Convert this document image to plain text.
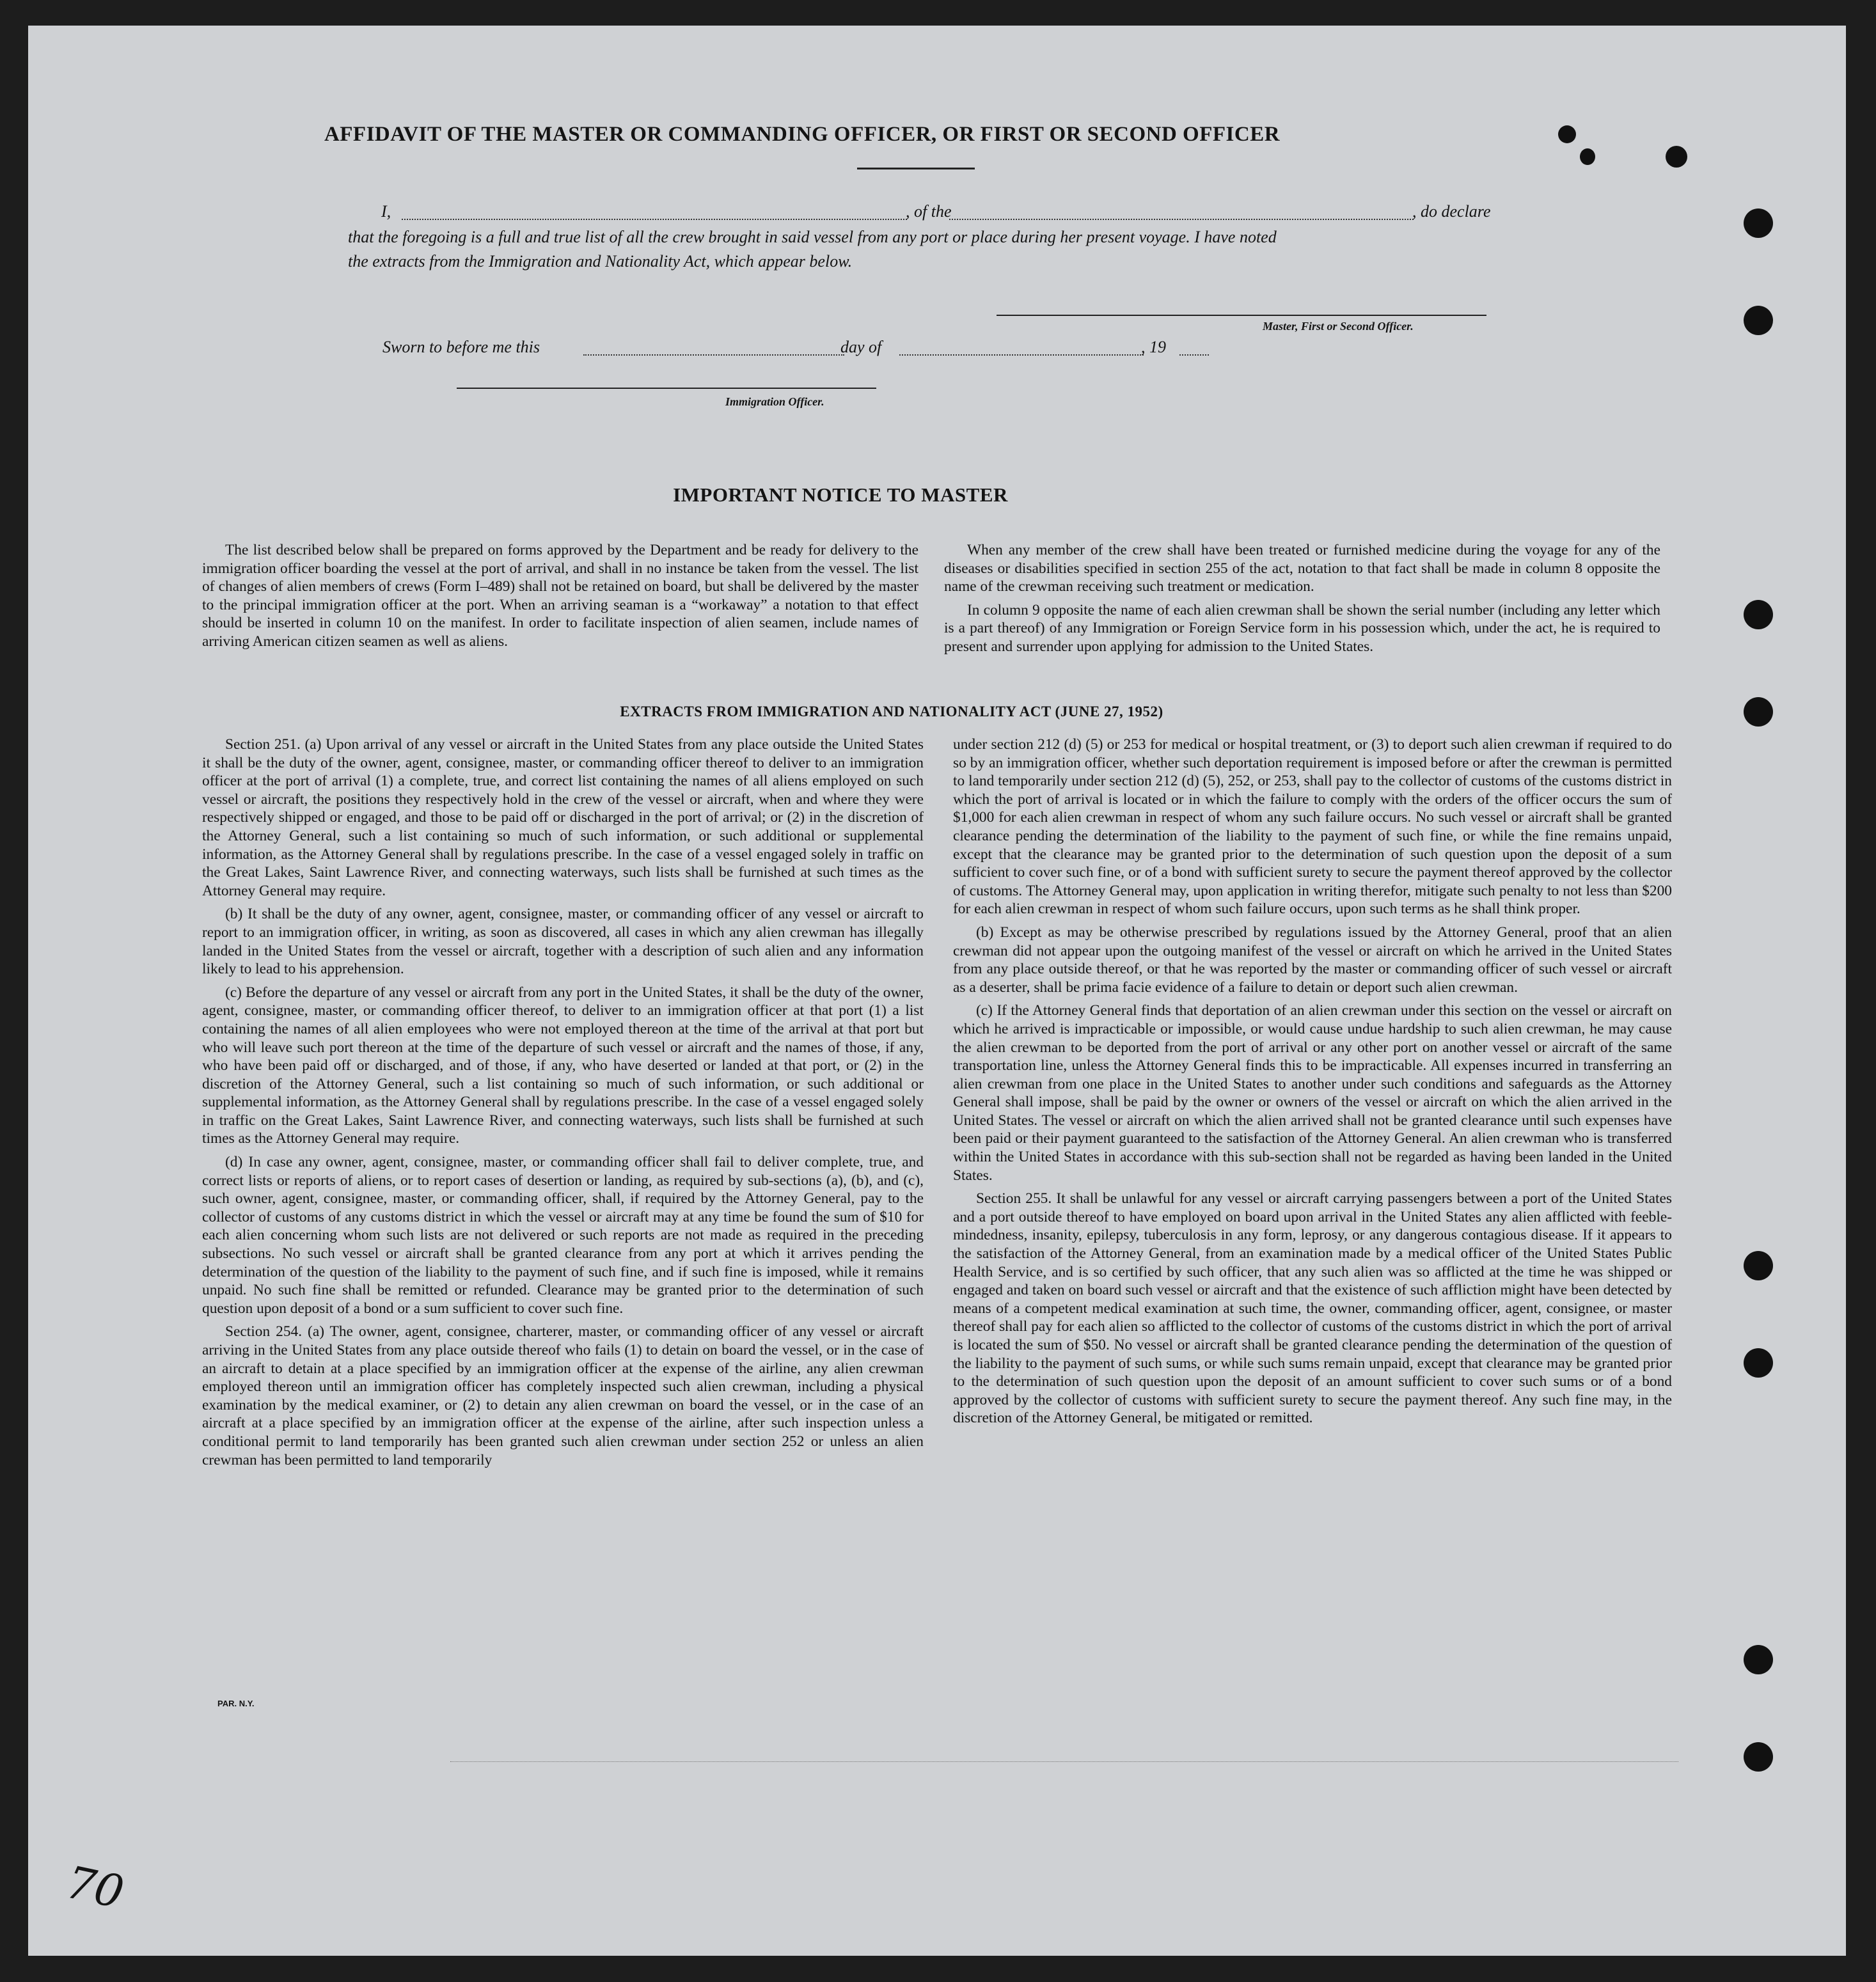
AFFIDAVIT OF THE MASTER OR COMMANDING OFFICER, OR FIRST OR SECOND OFFICER
I,	, of the	, do declare
that the foregoing is a full and true list of all the crew brought in said vessel from any port or place during her present voyage. I have noted
the extracts from the Immigration and Nationality Act, which appear below.
Master, First or Second Officer.
Sworn to before me this	day of	, 19
Immigration Officer.
IMPORTANT NOTICE TO MASTER

The list described below shall be prepared on forms approved by the Department and be ready for delivery to the immigration officer boarding the vessel at the port of arrival, and shall in no instance be taken from the vessel. The list of changes of alien members of crews (Form I–489) shall not be retained on board, but shall be delivered by the master to the principal immigration officer at the port. When an arriving seaman is a “workaway” a notation to that effect should be inserted in column 10 on the manifest. In order to facilitate inspection of alien seamen, include names of arriving American citizen seamen as well as aliens.

When any member of the crew shall have been treated or furnished medicine during the voyage for any of the diseases or disabilities specified in section 255 of the act, notation to that fact shall be made in column 8 opposite the name of the crewman receiving such treatment or medication.

In column 9 opposite the name of each alien crewman shall be shown the serial number (including any letter which is a part thereof) of any Immigration or Foreign Service form in his possession which, under the act, he is required to present and surrender upon applying for admission to the United States.

EXTRACTS FROM IMMIGRATION AND NATIONALITY ACT (JUNE 27, 1952)

Section 251. (a) Upon arrival of any vessel or aircraft in the United States from any place outside the United States it shall be the duty of the owner, agent, consignee, master, or commanding officer thereof to deliver to an immigration officer at the port of arrival (1) a complete, true, and correct list containing the names of all aliens employed on such vessel or aircraft, the positions they respectively hold in the crew of the vessel or aircraft, when and where they were respectively shipped or engaged, and those to be paid off or discharged in the port of arrival; or (2) in the discretion of the Attorney General, such a list containing so much of such information, or such additional or supplemental information, as the Attorney General shall by regulations prescribe. In the case of a vessel engaged solely in traffic on the Great Lakes, Saint Lawrence River, and connecting waterways, such lists shall be furnished at such times as the Attorney General may require.

(b) It shall be the duty of any owner, agent, consignee, master, or commanding officer of any vessel or aircraft to report to an immigration officer, in writing, as soon as discovered, all cases in which any alien crewman has illegally landed in the United States from the vessel or aircraft, together with a description of such alien and any information likely to lead to his apprehension.

(c) Before the departure of any vessel or aircraft from any port in the United States, it shall be the duty of the owner, agent, consignee, master, or commanding officer thereof, to deliver to an immigration officer at that port (1) a list containing the names of all alien employees who were not employed thereon at the time of the arrival at that port but who will leave such port thereon at the time of the departure of such vessel or aircraft and the names of those, if any, who have been paid off or discharged, and of those, if any, who have deserted or landed at that port, or (2) in the discretion of the Attorney General, such a list containing so much of such information, or such additional or supplemental information, as the Attorney General shall by regulations prescribe. In the case of a vessel engaged solely in traffic on the Great Lakes, Saint Lawrence River, and connecting waterways, such lists shall be furnished at such times as the Attorney General may require.

(d) In case any owner, agent, consignee, master, or commanding officer shall fail to deliver complete, true, and correct lists or reports of aliens, or to report cases of desertion or landing, as required by sub-sections (a), (b), and (c), such owner, agent, consignee, master, or commanding officer, shall, if required by the Attorney General, pay to the collector of customs of any customs district in which the vessel or aircraft may at any time be found the sum of $10 for each alien concerning whom such lists are not delivered or such reports are not made as required in the preceding subsections. No such vessel or aircraft shall be granted clearance from any port at which it arrives pending the determination of the question of the liability to the payment of such fine, and if such fine is imposed, while it remains unpaid. No such fine shall be remitted or refunded. Clearance may be granted prior to the determination of such question upon deposit of a bond or a sum sufficient to cover such fine.

Section 254. (a) The owner, agent, consignee, charterer, master, or commanding officer of any vessel or aircraft arriving in the United States from any place outside thereof who fails (1) to detain on board the vessel, or in the case of an aircraft to detain at a place specified by an immigration officer at the expense of the airline, any alien crewman employed thereon until an immigration officer has completely inspected such alien crewman, including a physical examination by the medical examiner, or (2) to detain any alien crewman on board the vessel, or in the case of an aircraft at a place specified by an immigration officer at the expense of the airline, after such inspection unless a conditional permit to land temporarily has been granted such alien crewman under section 252 or unless an alien crewman has been permitted to land temporarily

under section 212 (d) (5) or 253 for medical or hospital treatment, or (3) to deport such alien crewman if required to do so by an immigration officer, whether such deportation requirement is imposed before or after the crewman is permitted to land temporarily under section 212 (d) (5), 252, or 253, shall pay to the collector of customs of the customs district in which the port of arrival is located or in which the failure to comply with the orders of the officer occurs the sum of $1,000 for each alien crewman in respect of whom any such failure occurs. No such vessel or aircraft shall be granted clearance pending the determination of the liability to the payment of such fine, or while the fine remains unpaid, except that the clearance may be granted prior to the determination of such question upon the deposit of a sum sufficient to cover such fine, or of a bond with sufficient surety to secure the payment thereof approved by the collector of customs. The Attorney General may, upon application in writing therefor, mitigate such penalty to not less than $200 for each alien crewman in respect of whom such failure occurs, upon such terms as he shall think proper.

(b) Except as may be otherwise prescribed by regulations issued by the Attorney General, proof that an alien crewman did not appear upon the outgoing manifest of the vessel or aircraft on which he arrived in the United States from any place outside thereof, or that he was reported by the master or commanding officer of such vessel or aircraft as a deserter, shall be prima facie evidence of a failure to detain or deport such alien crewman.

(c) If the Attorney General finds that deportation of an alien crewman under this section on the vessel or aircraft on which he arrived is impracticable or impossible, or would cause undue hardship to such alien crewman, he may cause the alien crewman to be deported from the port of arrival or any other port on another vessel or aircraft of the same transportation line, unless the Attorney General finds this to be impracticable. All expenses incurred in transferring an alien crewman from one place in the United States to another under such conditions and safeguards as the Attorney General shall impose, shall be paid by the owner or owners of the vessel or aircraft on which the alien arrived in the United States. The vessel or aircraft on which the alien arrived shall not be granted clearance until such expenses have been paid or their payment guaranteed to the satisfaction of the Attorney General. An alien crewman who is transferred within the United States in accordance with this sub-section shall not be regarded as having been landed in the United States.

Section 255. It shall be unlawful for any vessel or aircraft carrying passengers between a port of the United States and a port outside thereof to have employed on board upon arrival in the United States any alien afflicted with feeble-mindedness, insanity, epilepsy, tuberculosis in any form, leprosy, or any dangerous contagious disease. If it appears to the satisfaction of the Attorney General, from an examination made by a medical officer of the United States Public Health Service, and is so certified by such officer, that any such alien was so afflicted at the time he was shipped or engaged and taken on board such vessel or aircraft and that the existence of such affliction might have been detected by means of a competent medical examination at such time, the owner, commanding officer, agent, consignee, or master thereof shall pay for each alien so afflicted to the collector of customs of the customs district in which the port of arrival is located the sum of $50. No vessel or aircraft shall be granted clearance pending the determination of the question of the liability to the payment of such sums, or while such sums remain unpaid, except that clearance may be granted prior to the determination of such question upon the deposit of an amount sufficient to cover such sums or of a bond approved by the collector of customs with sufficient surety to secure the payment thereof. Any such fine may, in the discretion of the Attorney General, be mitigated or remitted.

PAR. N.Y.
70
